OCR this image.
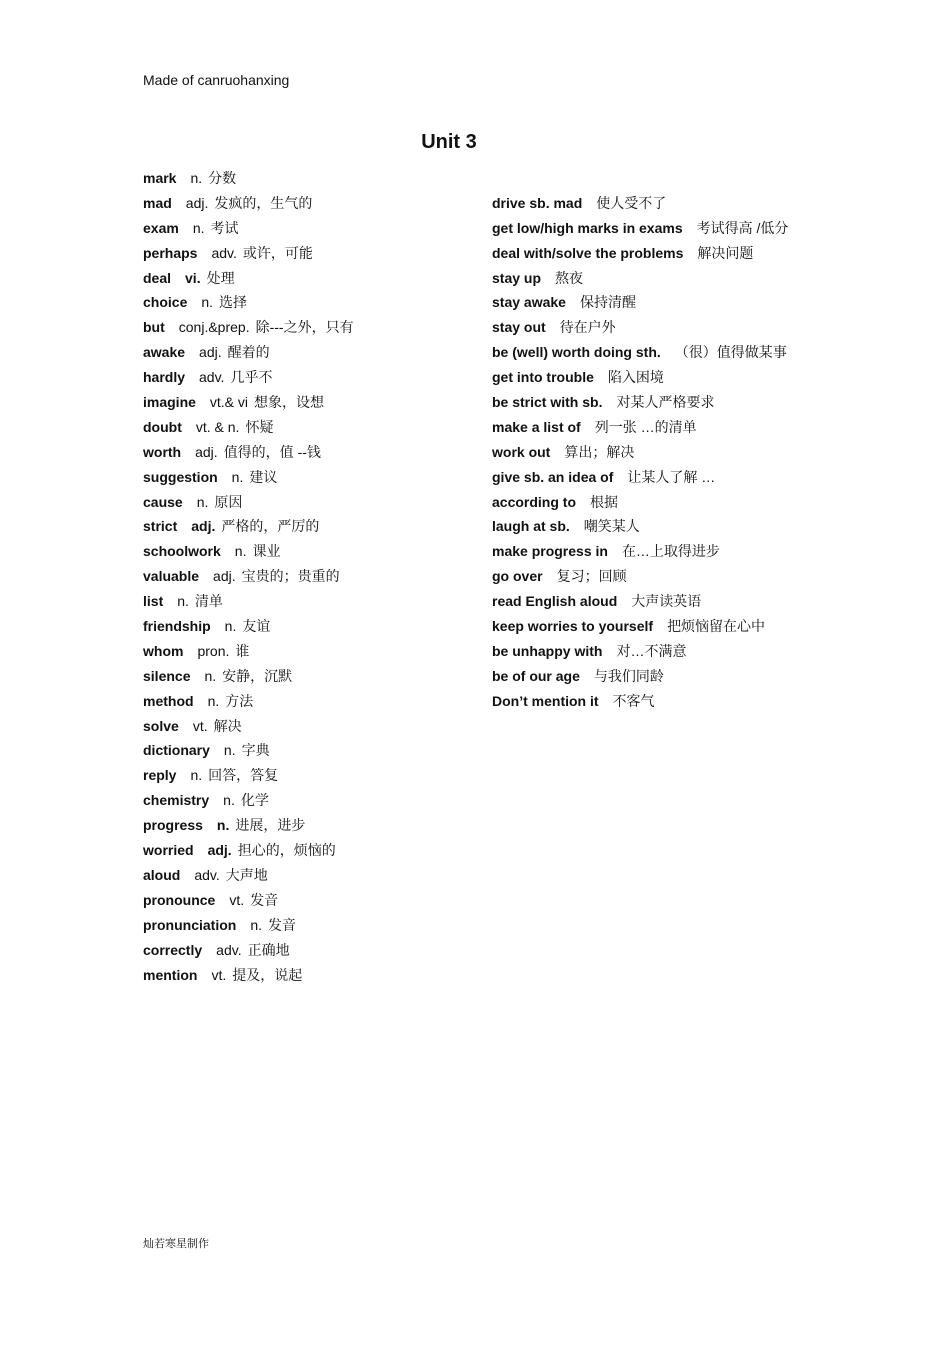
Made of canruohanxing
Unit 3
mark n. 分数
mad adj. 发疯的，生气的
exam n. 考试
perhaps adv. 或许，可能
deal vi. 处理
choice n. 选择
but conj.&prep. 除---之外，只有
awake adj. 醒着的
hardly adv. 几乎不
imagine vt.& vi 想象，设想
doubt vt. & n. 怀疑
worth adj. 值得的，值 --钱
suggestion n. 建议
cause n. 原因
strict adj. 严格的，严厉的
schoolwork n. 课业
valuable adj. 宝贵的；贵重的
list n. 清单
friendship n. 友谊
whom pron. 谁
silence n. 安静，沉默
method n. 方法
solve vt. 解决
dictionary n. 字典
reply n. 回答，答复
chemistry n. 化学
progress n. 进展，进步
worried adj. 担心的，烦恼的
aloud adv. 大声地
pronounce vt. 发音
pronunciation n. 发音
correctly adv. 正确地
mention vt. 提及，说起

drive sb. mad 使人受不了
get low/high marks in exams 考试得高 /低分
deal with/solve the problems 解决问题
stay up 熬夜
stay awake 保持清醒
stay out 待在户外
be (well) worth doing sth. （很）值得做某事
get into trouble 陷入困境
be strict with sb. 对某人严格要求
make a list of 列一张 …的清单
work out 算出；解决
give sb. an idea of 让某人了解 …
according to 根据
laugh at sb. 嘲笑某人
make progress in 在…上取得进步
go over 复习；回顾
read English aloud 大声读英语
keep worries to yourself 把烦恼留在心中
be unhappy with 对…不满意
be of our age 与我们同龄
Don’t mention it 不客气
灿若寒星制作
